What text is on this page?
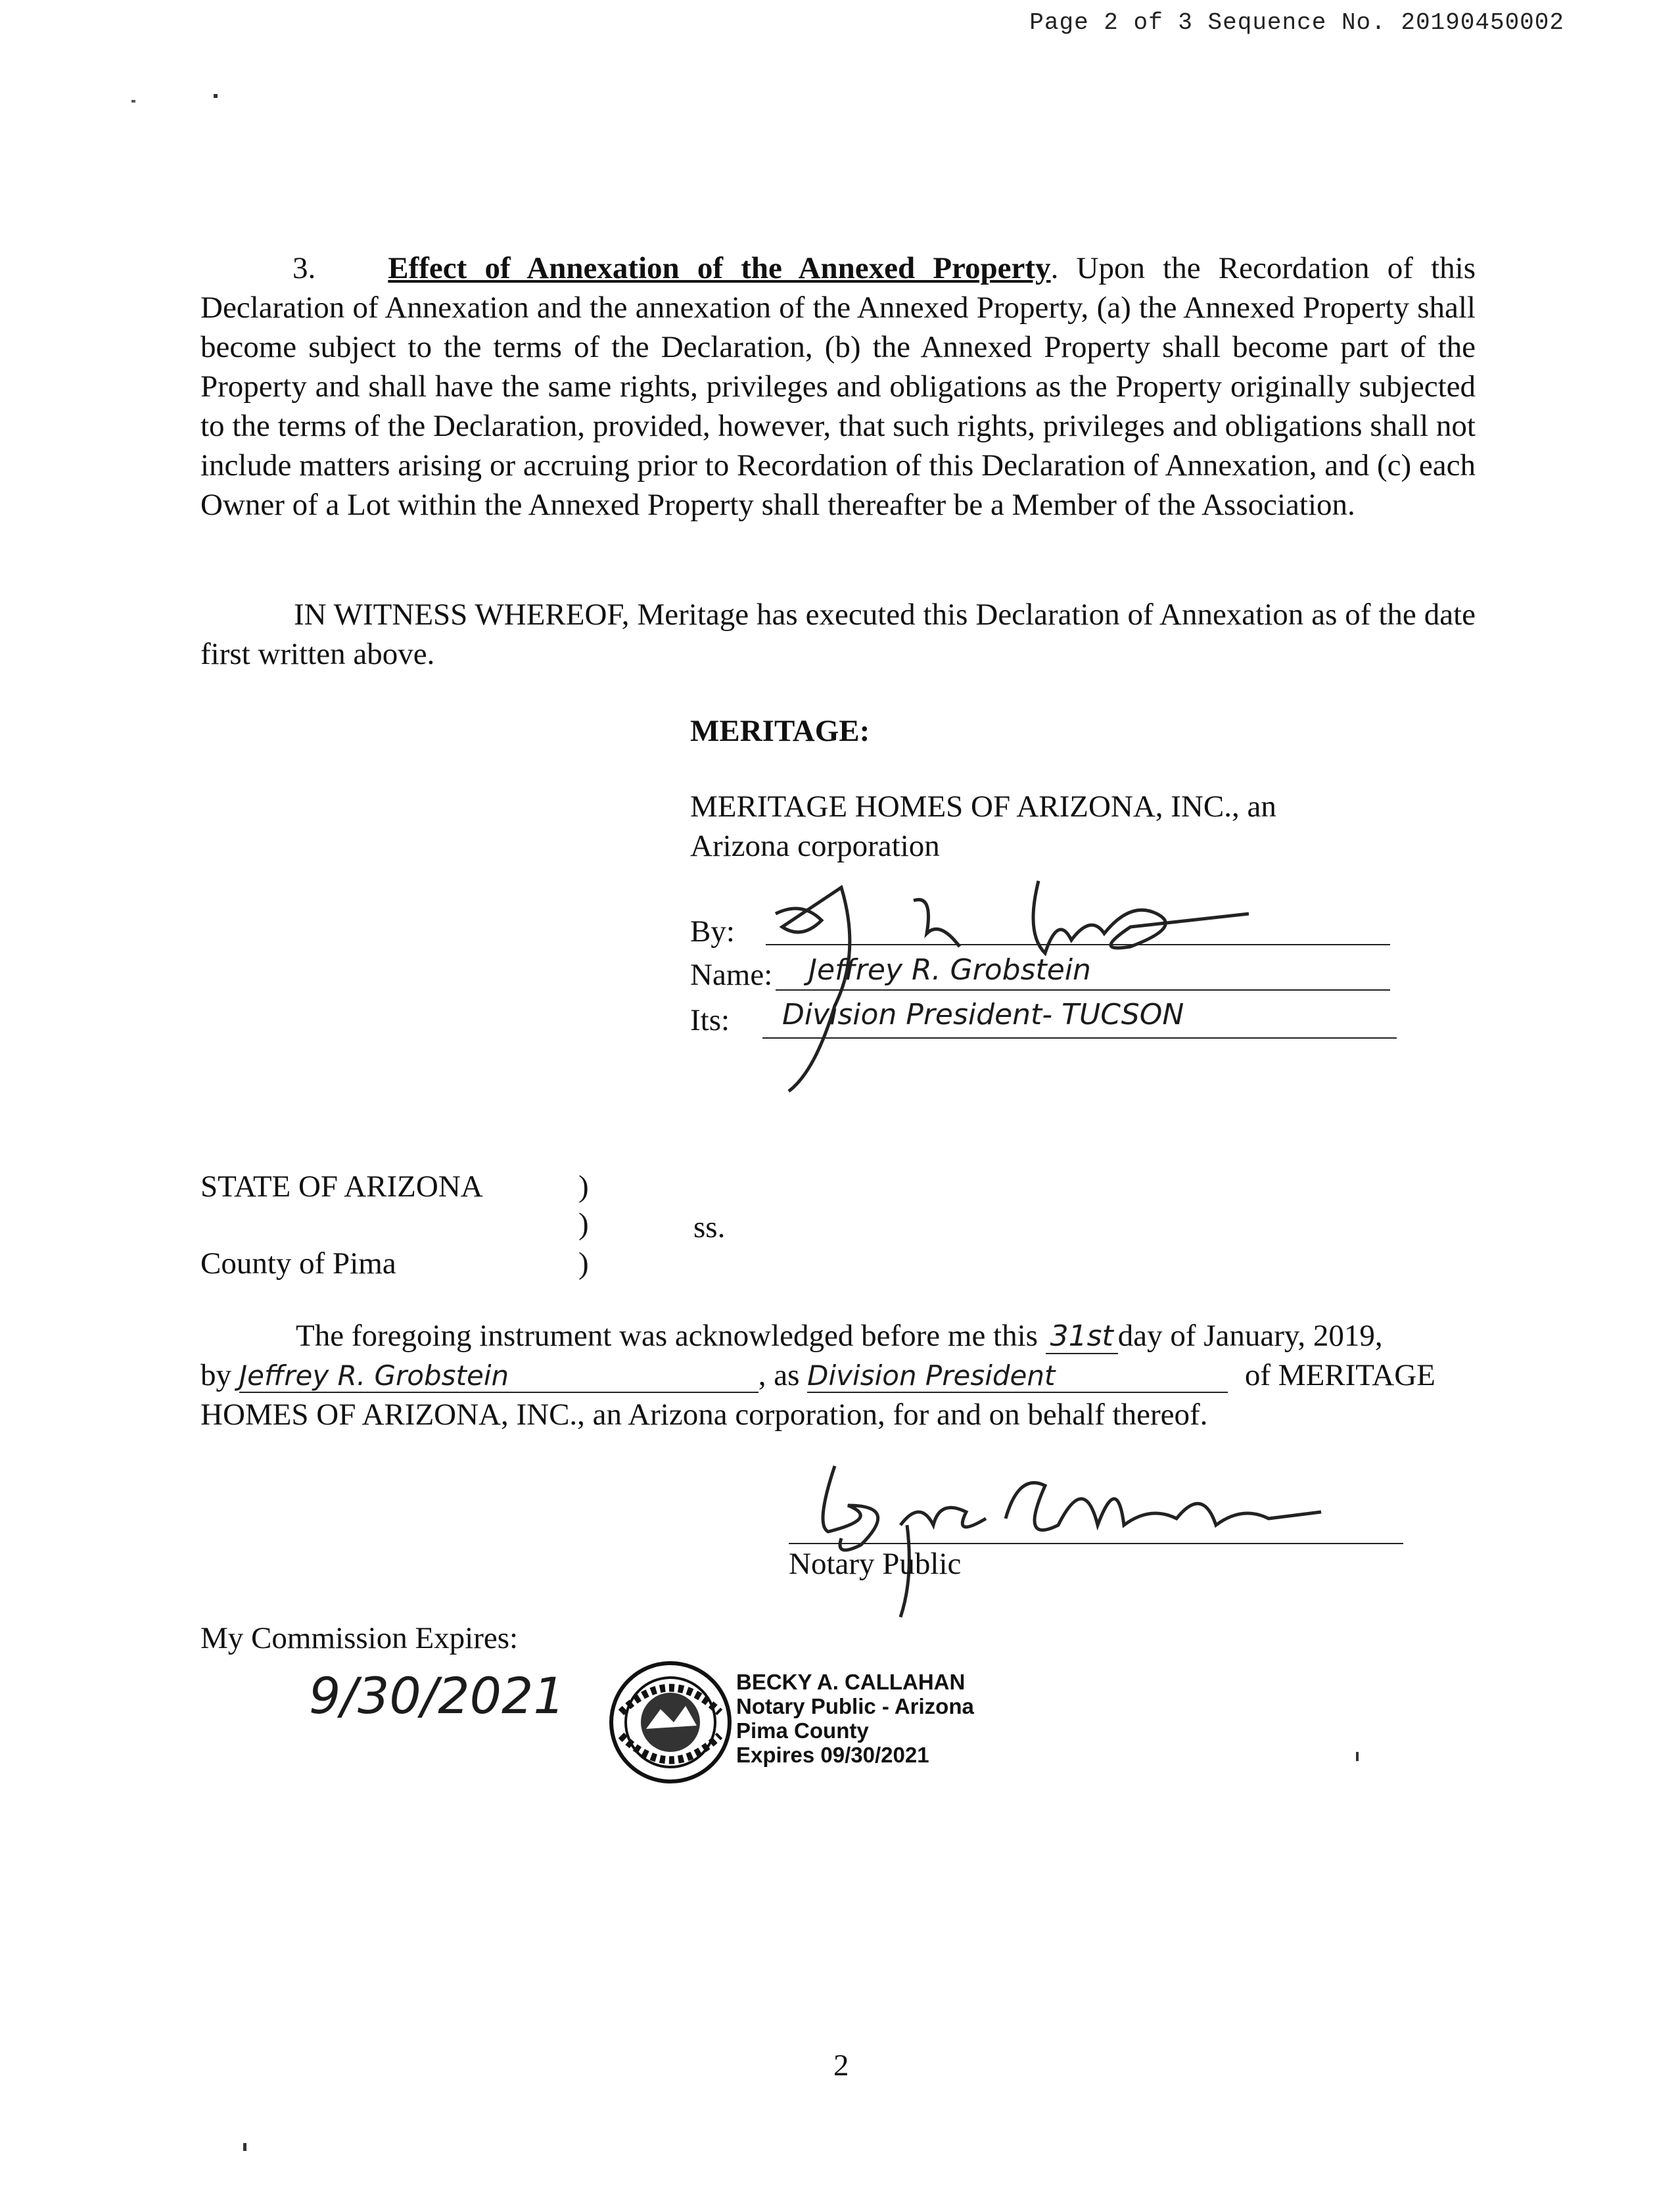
Page 2 of 3 Sequence No. 20190450002
3. Effect of Annexation of the Annexed Property. Upon the Recordation of this Declaration of Annexation and the annexation of the Annexed Property, (a) the Annexed Property shall become subject to the terms of the Declaration, (b) the Annexed Property shall become part of the Property and shall have the same rights, privileges and obligations as the Property originally subjected to the terms of the Declaration, provided, however, that such rights, privileges and obligations shall not include matters arising or accruing prior to Recordation of this Declaration of Annexation, and (c) each Owner of a Lot within the Annexed Property shall thereafter be a Member of the Association.
IN WITNESS WHEREOF, Meritage has executed this Declaration of Annexation as of the date first written above.
MERITAGE:
MERITAGE HOMES OF ARIZONA, INC., an
Arizona corporation
By:
Name: Jeffrey R. Grobstein
Its: Division President- TUCSON
STATE OF ARIZONA	)
)	ss.
County of Pima	)
The foregoing instrument was acknowledged before me this 31st day of January, 2019,
by Jeffrey R. Grobstein	, as Division President	of MERITAGE
HOMES OF ARIZONA, INC., an Arizona corporation, for and on behalf thereof.
Notary Public
My Commission Expires:
9/30/2021	BECKY A. CALLAHAN
Notary Public - Arizona
Pima County
Expires 09/30/2021
2
